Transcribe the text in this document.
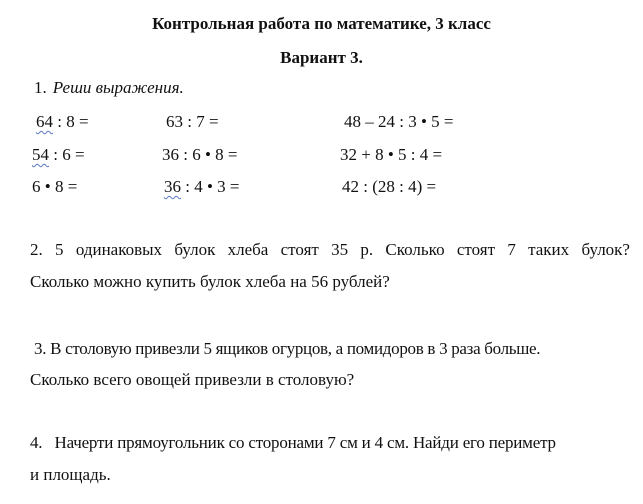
Контрольная работа по математике, 3 класс
Вариант 3.
1. Реши выражения.
64 : 8 =	63 : 7 =	48 – 24 : 3 • 5 =
54 : 6 =	36 : 6 • 8 =	32 + 8 • 5 : 4 =
6 • 8 =	36 : 4 • 3 =	42 : (28 : 4) =
2. 5 одинаковых булок хлеба стоят 35 р. Сколько стоят 7 таких булок?
Сколько можно купить булок хлеба на 56 рублей?
3. В столовую привезли 5 ящиков огурцов, а помидоров в 3 раза больше.
Сколько всего овощей привезли в столовую?
4.   Начерти прямоугольник со сторонами 7 см и 4 см. Найди его периметр
и площадь.
